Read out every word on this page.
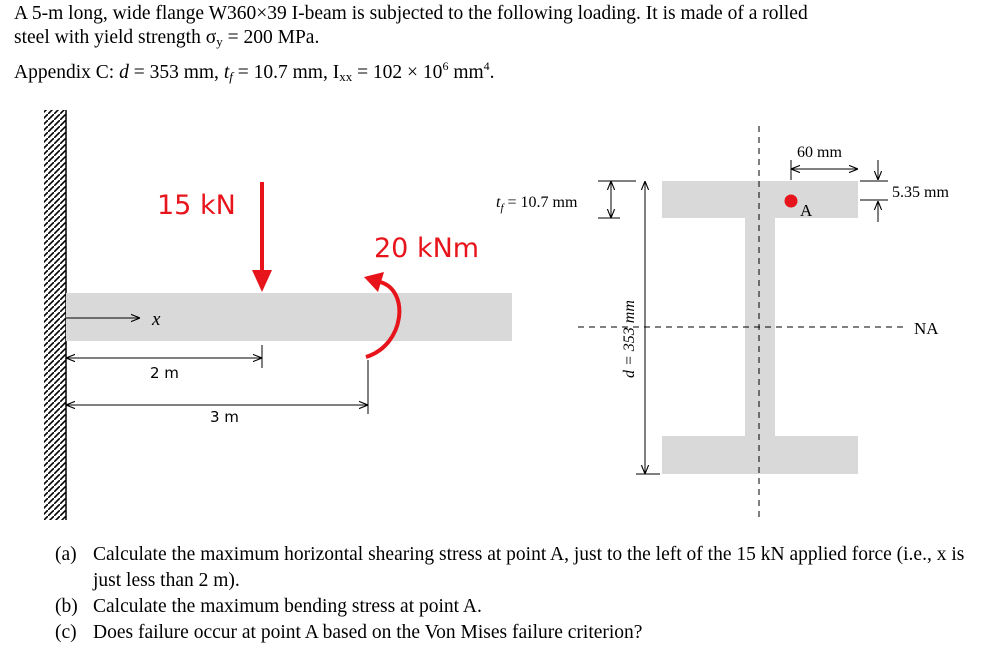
A 5-m long, wide flange W360×39 I-beam is subjected to the following loading. It is made of a rolled

steel with yield strength $\sigma_y = 200$ MPa.

Appendix C: d = 353 mm, $t_f = 10.7$ mm, $I_{xx} = 102 \times 10^6$ $mm^4$.

x
15 kN
20 kNm
2 m
3 m
NA
$t_f = 10.7$ mm
d = 353 mm
60 mm
5.35 mm
A
(a) Calculate the maximum horizontal shearing stress at point A, just to the left of the 15 kN applied force (i.e., x is just less than 2 m).
(b) Calculate the maximum bending stress at point A.
(c) Does failure occur at point A based on the Von Mises failure criterion?
